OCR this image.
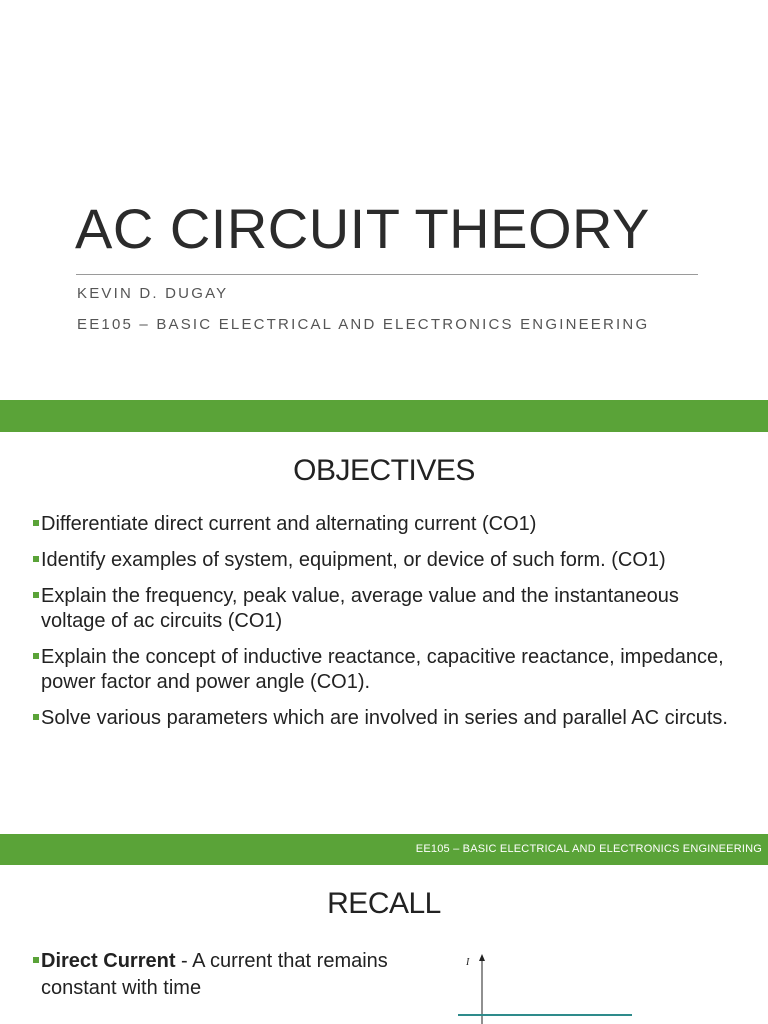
AC CIRCUIT THEORY
KEVIN D. DUGAY
EE105 – BASIC ELECTRICAL AND ELECTRONICS ENGINEERING
OBJECTIVES
Differentiate direct current and alternating current (CO1)
Identify examples of system, equipment, or device of such form. (CO1)
Explain the frequency, peak value, average value and the instantaneous voltage of ac circuits (CO1)
Explain the concept of inductive reactance, capacitive reactance, impedance, power factor and power angle (CO1).
Solve various parameters which are involved in series and parallel AC circuts.
EE105 – BASIC ELECTRICAL AND ELECTRONICS ENGINEERING
RECALL
Direct Current - A current that remains constant with time
I
